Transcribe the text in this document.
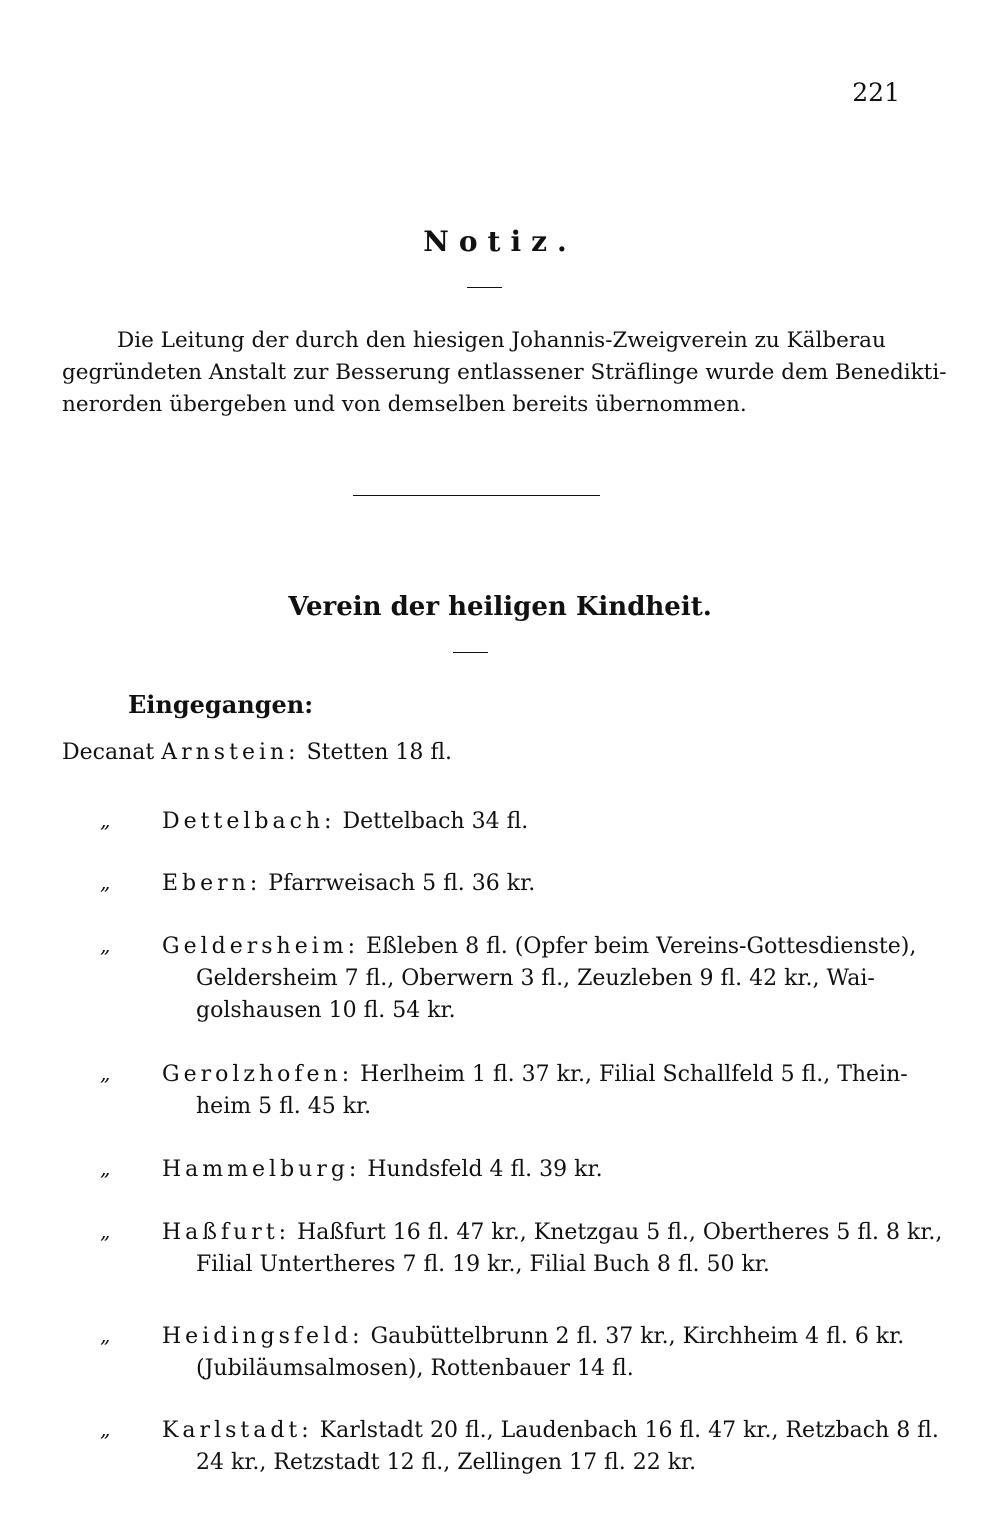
221
Notiz.
Die Leitung der durch den hiesigen Johannis-Zweigverein zu Kälberau
gegründeten Anstalt zur Besserung entlassener Sträflinge wurde dem Benedikti-
nerorden übergeben und von demselben bereits übernommen.
Verein der heiligen Kindheit.
Eingegangen:
Decanat Arnstein: Stetten 18 fl.
„ Dettelbach: Dettelbach 34 fl.
„ Ebern: Pfarrweisach 5 fl. 36 kr.
„ Geldersheim: Eßleben 8 fl. (Opfer beim Vereins-Gottesdienste),
Geldersheim 7 fl., Oberwern 3 fl., Zeuzleben 9 fl. 42 kr., Wai-
golshausen 10 fl. 54 kr.
„ Gerolzhofen: Herlheim 1 fl. 37 kr., Filial Schallfeld 5 fl., Thein-
heim 5 fl. 45 kr.
„ Hammelburg: Hundsfeld 4 fl. 39 kr.
„ Haßfurt: Haßfurt 16 fl. 47 kr., Knetzgau 5 fl., Obertheres 5 fl. 8 kr.,
Filial Untertheres 7 fl. 19 kr., Filial Buch 8 fl. 50 kr.
„ Heidingsfeld: Gaubüttelbrunn 2 fl. 37 kr., Kirchheim 4 fl. 6 kr.
(Jubiläumsalmosen), Rottenbauer 14 fl.
„ Karlstadt: Karlstadt 20 fl., Laudenbach 16 fl. 47 kr., Retzbach 8 fl.
24 kr., Retzstadt 12 fl., Zellingen 17 fl. 22 kr.
